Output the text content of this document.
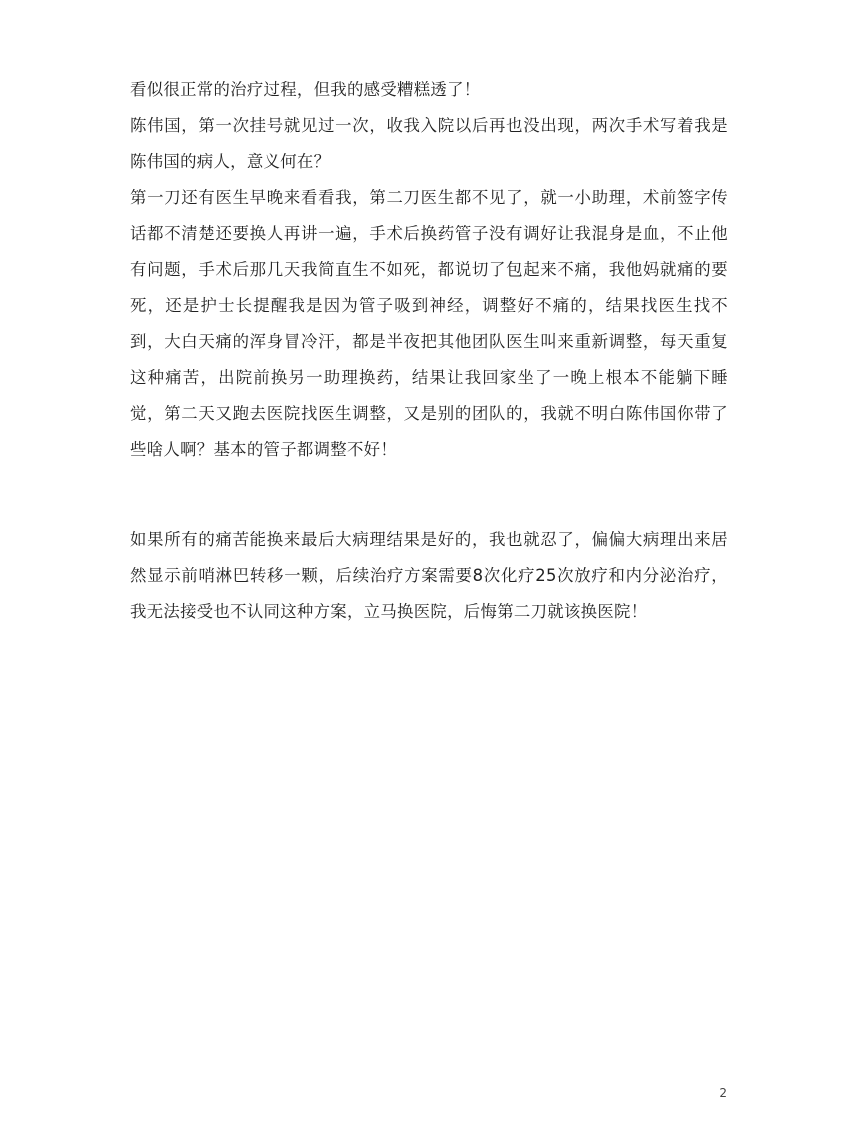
看似很正常的治疗过程，但我的感受糟糕透了！

陈伟国，第一次挂号就见过一次，收我入院以后再也没出现，两次手术写着我是陈伟国的病人，意义何在？

第一刀还有医生早晚来看看我，第二刀医生都不见了，就一小助理，术前签字传话都不清楚还要换人再讲一遍，手术后换药管子没有调好让我混身是血，不止他有问题，手术后那几天我简直生不如死，都说切了包起来不痛，我他妈就痛的要死，还是护士长提醒我是因为管子吸到神经，调整好不痛的，结果找医生找不到，大白天痛的浑身冒冷汗，都是半夜把其他团队医生叫来重新调整，每天重复这种痛苦，出院前换另一助理换药，结果让我回家坐了一晚上根本不能躺下睡觉，第二天又跑去医院找医生调整，又是别的团队的，我就不明白陈伟国你带了些啥人啊？基本的管子都调整不好！

如果所有的痛苦能换来最后大病理结果是好的，我也就忍了，偏偏大病理出来居然显示前哨淋巴转移一颗，后续治疗方案需要8次化疗25次放疗和内分泌治疗，我无法接受也不认同这种方案，立马换医院，后悔第二刀就该换医院！

2
